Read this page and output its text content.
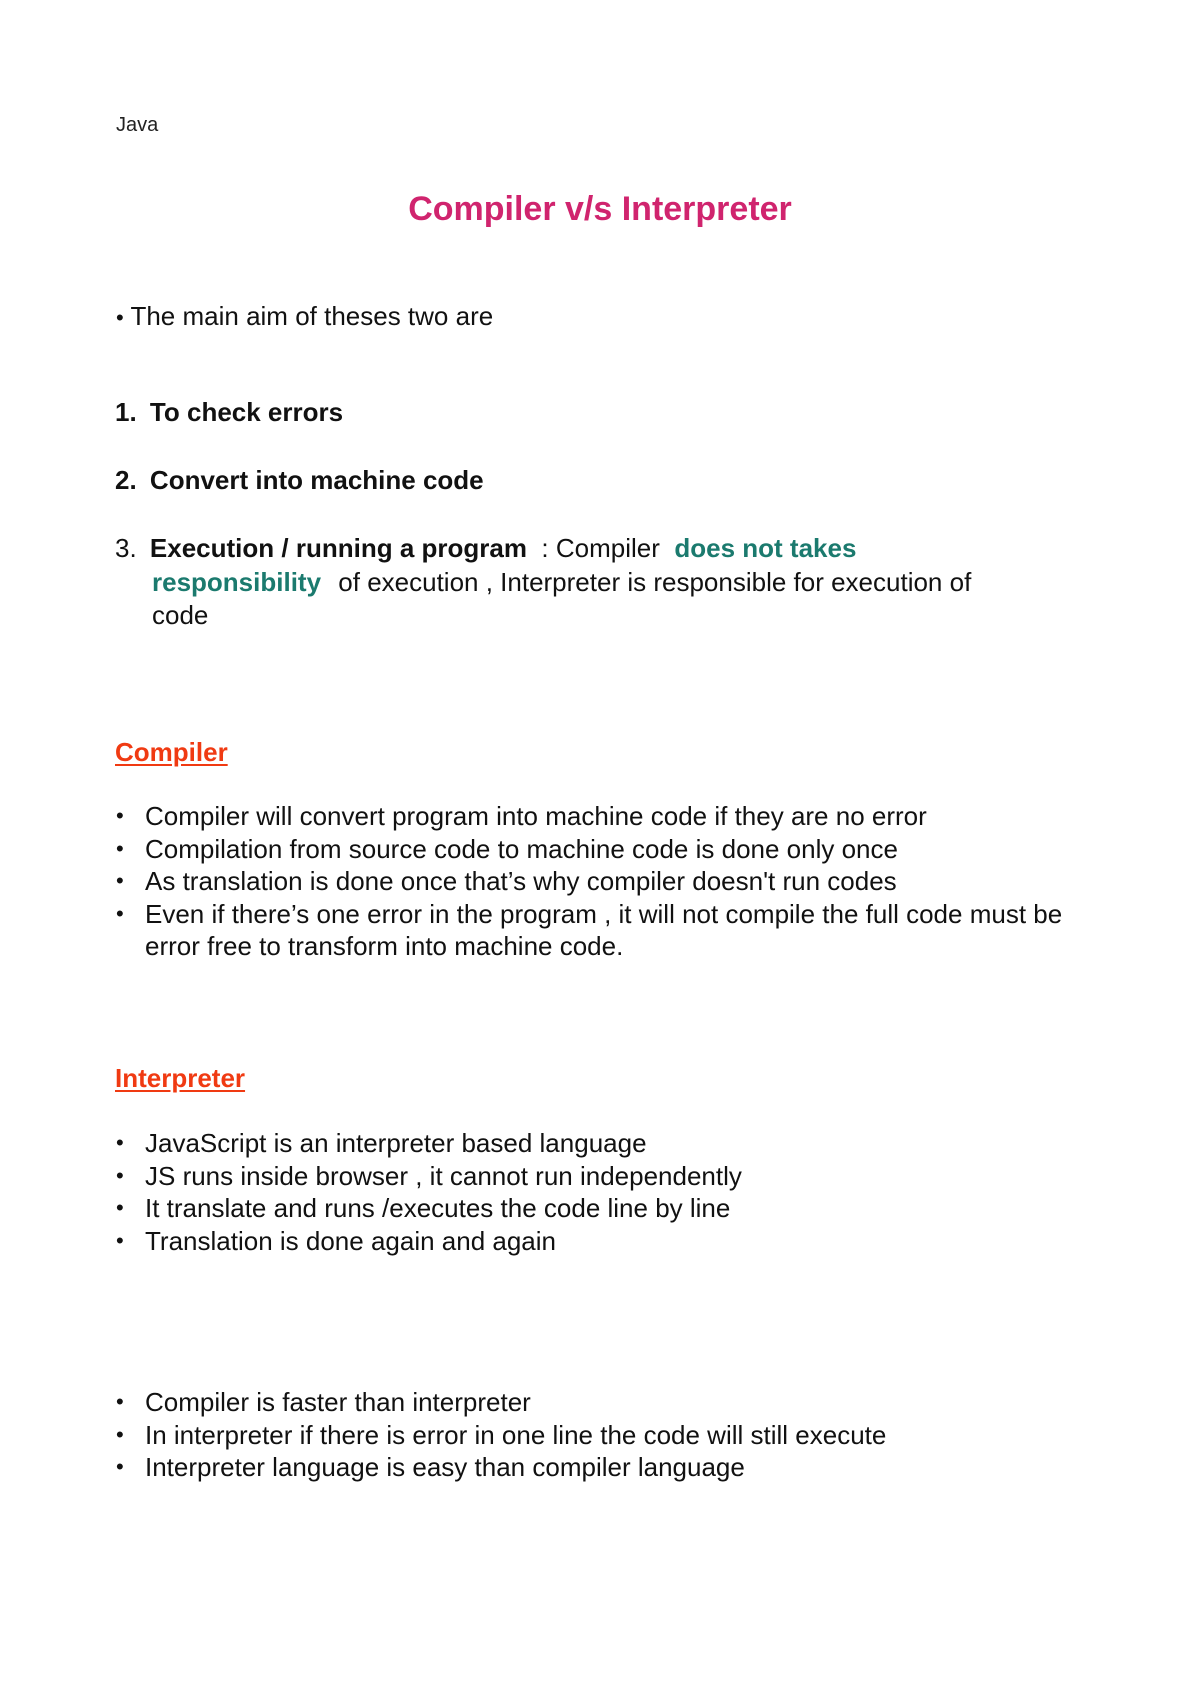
Java
Compiler v/s Interpreter
• The main aim of theses two are
1. To check errors
2. Convert into machine code
3. Execution / running a program  : Compiler  does not takes
responsibility of execution , Interpreter is responsible for execution of
code
Compiler
• Compiler will convert program into machine code if they are no error
• Compilation from source code to machine code is done only once
• As translation is done once that’s why compiler doesn't run codes
• Even if there’s one error in the program , it will not compile the full code must be error free to transform into machine code.
Interpreter
• JavaScript is an interpreter based language
• JS runs inside browser , it cannot run independently
• It translate and runs /executes the code line by line
• Translation is done again and again
• Compiler is faster than interpreter
• In interpreter if there is error in one line the code will still execute
• Interpreter language is easy than compiler language
